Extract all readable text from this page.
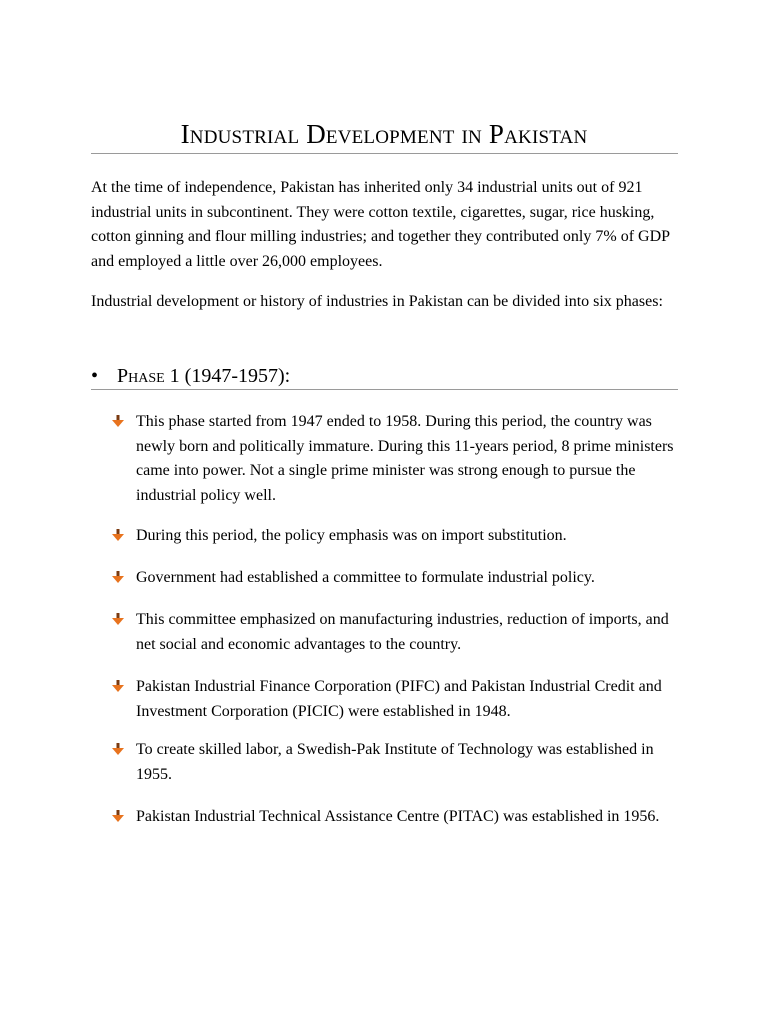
Industrial Development in Pakistan

At the time of independence, Pakistan has inherited only 34 industrial units out of 921 industrial units in subcontinent. They were cotton textile, cigarettes, sugar, rice husking, cotton ginning and flour milling industries; and together they contributed only 7% of GDP and employed a little over 26,000 employees.

Industrial development or history of industries in Pakistan can be divided into six phases:

• Phase 1 (1947-1957):

This phase started from 1947 ended to 1958. During this period, the country was newly born and politically immature. During this 11-years period, 8 prime ministers came into power. Not a single prime minister was strong enough to pursue the industrial policy well.

During this period, the policy emphasis was on import substitution.

Government had established a committee to formulate industrial policy.

This committee emphasized on manufacturing industries, reduction of imports, and net social and economic advantages to the country.

Pakistan Industrial Finance Corporation (PIFC) and Pakistan Industrial Credit and Investment Corporation (PICIC) were established in 1948.

To create skilled labor, a Swedish-Pak Institute of Technology was established in 1955.

Pakistan Industrial Technical Assistance Centre (PITAC) was established in 1956.
